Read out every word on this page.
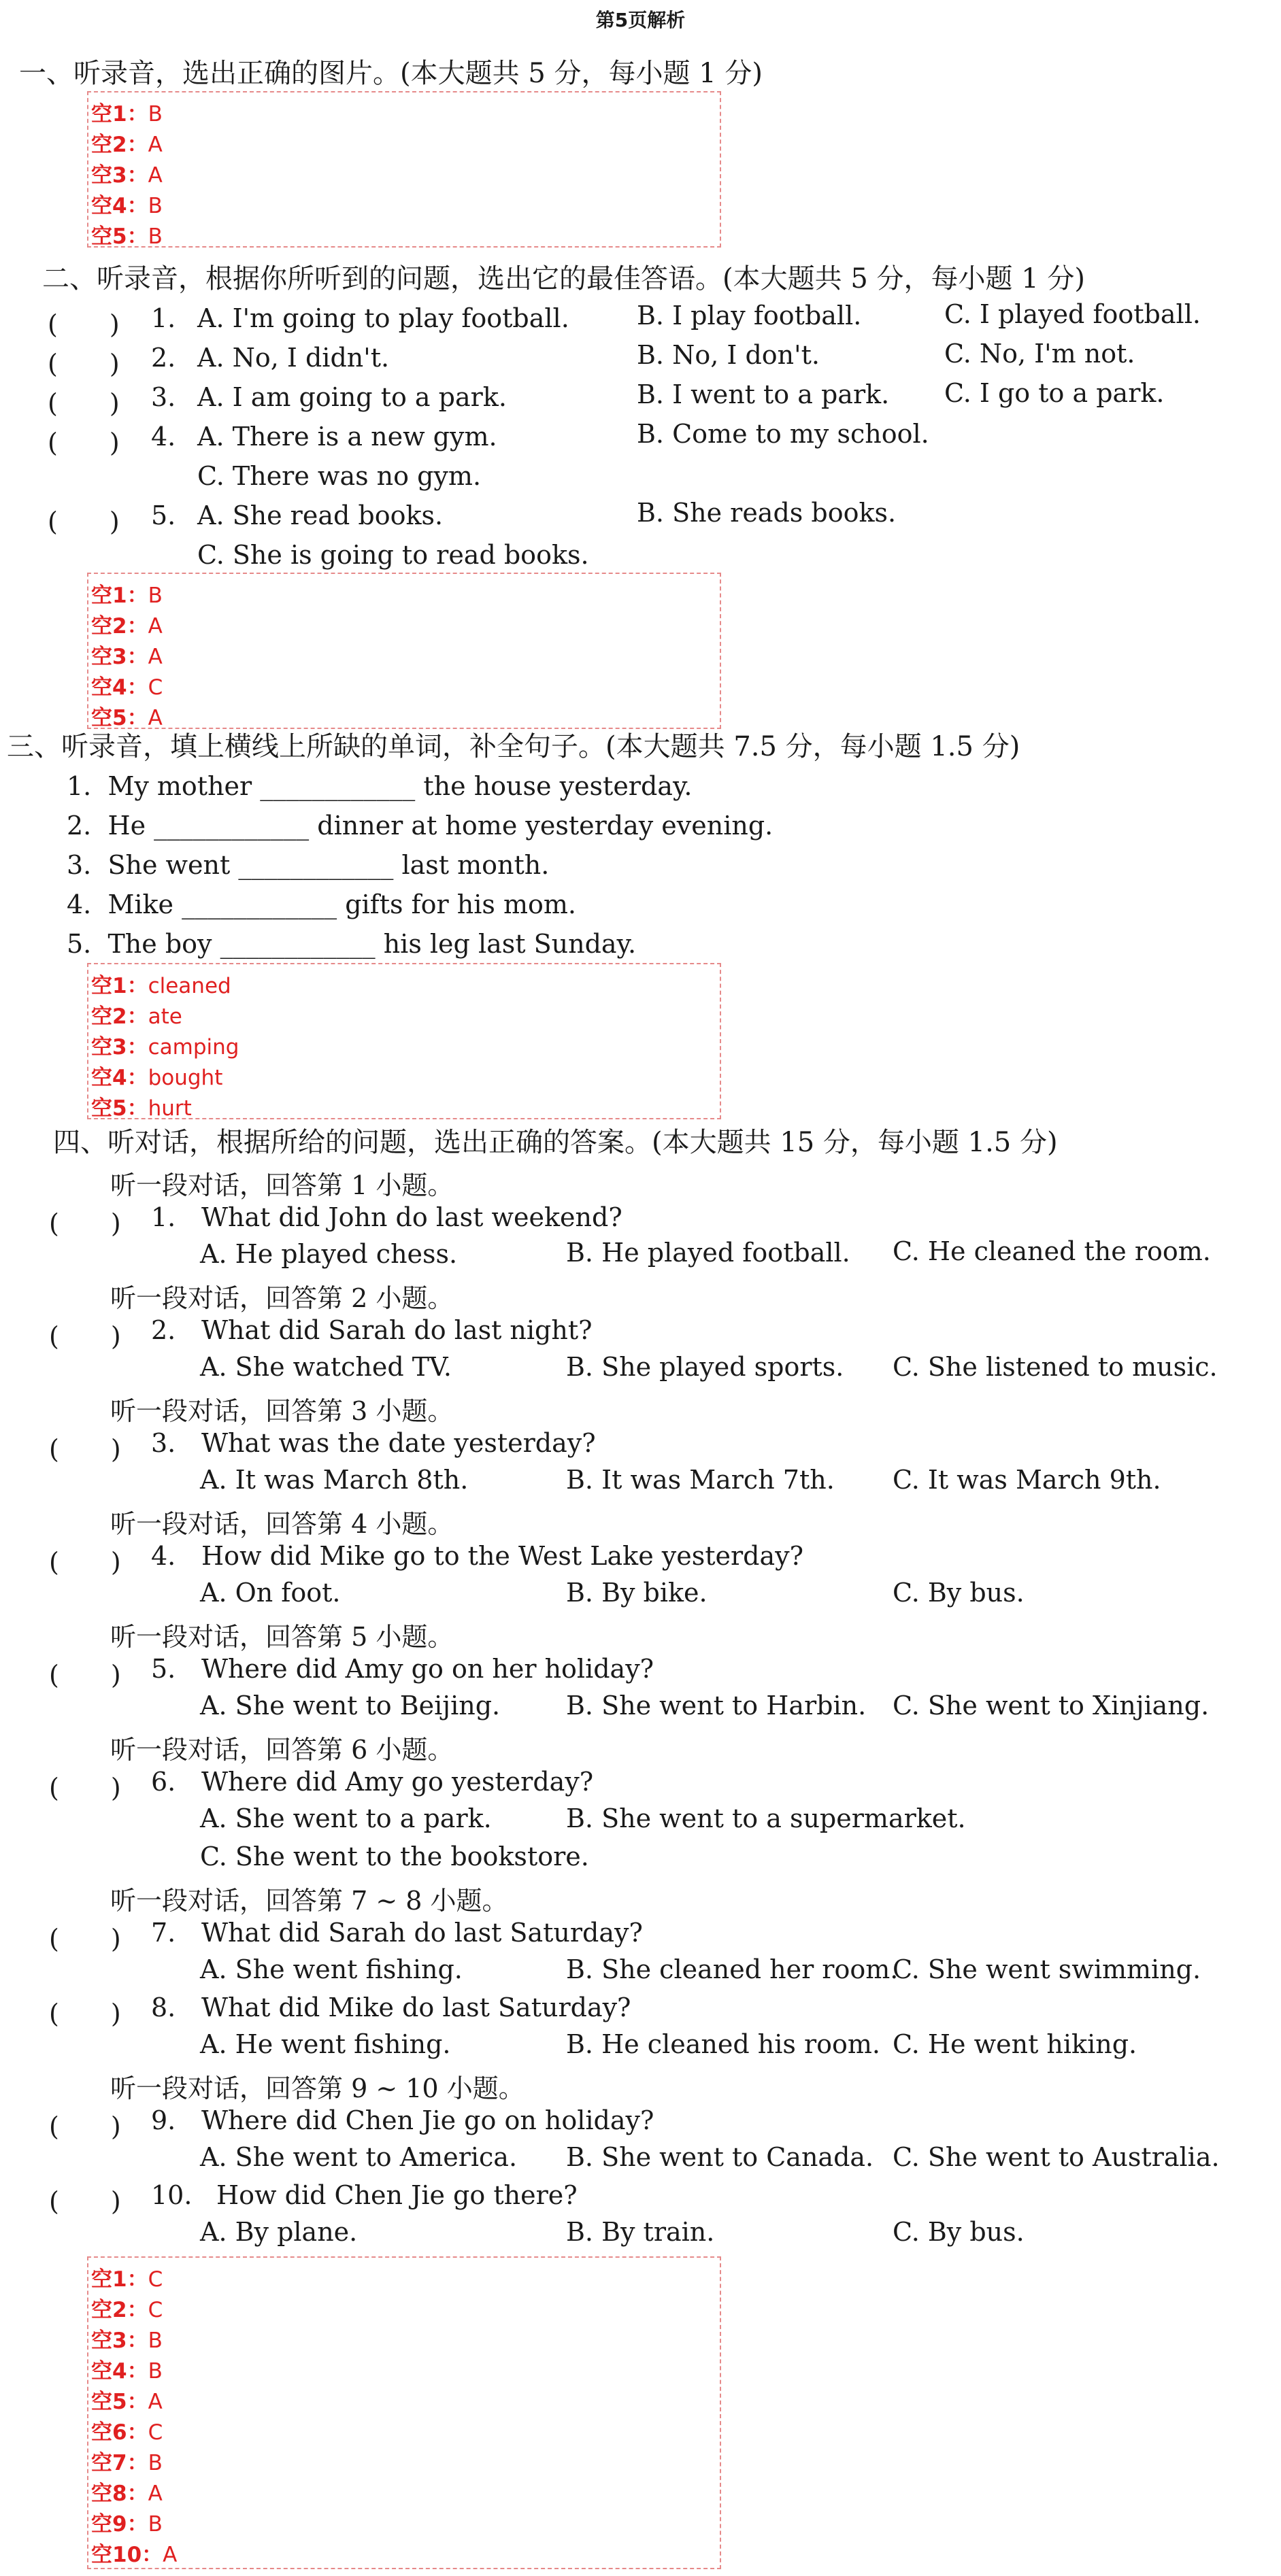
第5页解析
一、听录音，选出正确的图片。(本大题共 5 分，每小题 1 分)
空1：B
空2：A
空3：A
空4：B
空5：B
二、听录音，根据你所听到的问题，选出它的最佳答语。(本大题共 5 分，每小题 1 分)
(　　) 1. A. I'm going to play football.	B. I play football.	C. I played football.
(　　) 2. A. No, I didn't.	B. No, I don't.	C. No, I'm not.
(　　) 3. A. I am going to a park.	B. I went to a park. C. I go to a park.
(　　) 4. A. There is a new gym.	B. Come to my school.
C. There was no gym.
(　　) 5. A. She read books.	B. She reads books.
C. She is going to read books.
空1：B
空2：A
空3：A
空4：C
空5：A
三、听录音，填上横线上所缺的单词，补全句子。(本大题共 7.5 分，每小题 1.5 分)
1. My mother ____________ the house yesterday.
2. He ____________ dinner at home yesterday evening.
3. She went ____________ last month.
4. Mike ____________ gifts for his mom.
5. The boy ____________ his leg last Sunday.
空1：cleaned
空2：ate
空3：camping
空4：bought
空5：hurt
四、听对话，根据所给的问题，选出正确的答案。(本大题共 15 分，每小题 1.5 分)
听一段对话，回答第 1 小题。
(　　) 1. What did John do last weekend?
A. He played chess.	B. He played football. C. He cleaned the room.
听一段对话，回答第 2 小题。
(　　) 2. What did Sarah do last night?
A. She watched TV.	B. She played sports. C. She listened to music.
听一段对话，回答第 3 小题。
(　　) 3. What was the date yesterday?
A. It was March 8th.	B. It was March 7th. C. It was March 9th.
听一段对话，回答第 4 小题。
(　　) 4. How did Mike go to the West Lake yesterday?
A. On foot.	B. By bike.	C. By bus.
听一段对话，回答第 5 小题。
(　　) 5. Where did Amy go on her holiday?
A. She went to Beijing.	B. She went to Harbin. C. She went to Xinjiang.
听一段对话，回答第 6 小题。
(　　) 6. Where did Amy go yesterday?
A. She went to a park.	B. She went to a supermarket.
C. She went to the bookstore.
听一段对话，回答第 7 ~ 8 小题。
(　　) 7. What did Sarah do last Saturday?
A. She went fishing.	B. She cleaned her room.
C. She went swimming.
(　　) 8. What did Mike do last Saturday?
A. He went fishing.	B. He cleaned his room. C. He went hiking.
听一段对话，回答第 9 ~ 10 小题。
(　　) 9. Where did Chen Jie go on holiday?
A. She went to America. B. She went to Canada. C. She went to Australia.
(　　) 10. How did Chen Jie go there?
A. By plane.	B. By train.	C. By bus.
空1：C
空2：C
空3：B
空4：B
空5：A
空6：C
空7：B
空8：A
空9：B
空10：A
